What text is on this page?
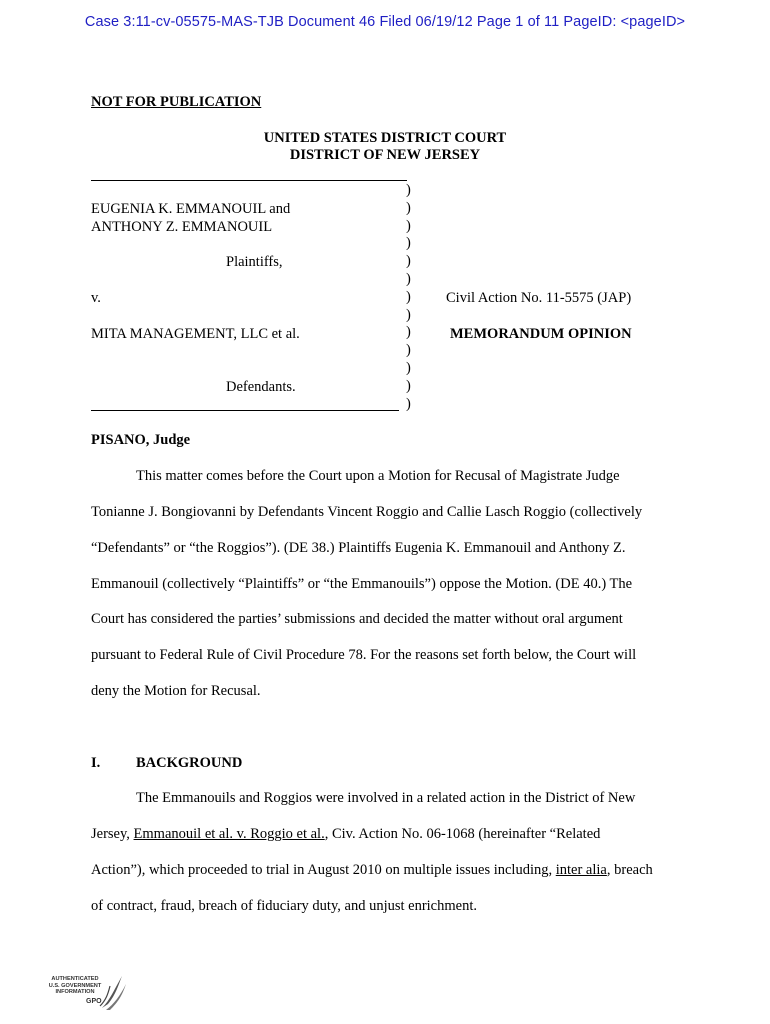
Case 3:11-cv-05575-MAS-TJB Document 46 Filed 06/19/12 Page 1 of 11 PageID: <pageID>
NOT FOR PUBLICATION
UNITED STATES DISTRICT COURT
DISTRICT OF NEW JERSEY
)
)
)
)
)
)
)
)
)
)
)
)
)
EUGENIA K. EMMANOUIL and
ANTHONY Z. EMMANOUIL
Plaintiffs,
v.
MITA MANAGEMENT, LLC et al.
Defendants.
Civil Action No. 11-5575 (JAP)
MEMORANDUM OPINION
PISANO, Judge
This matter comes before the Court upon a Motion for Recusal of Magistrate Judge
Tonianne J. Bongiovanni by Defendants Vincent Roggio and Callie Lasch Roggio (collectively
“Defendants” or “the Roggios”). (DE 38.) Plaintiffs Eugenia K. Emmanouil and Anthony Z.
Emmanouil (collectively “Plaintiffs” or “the Emmanouils”) oppose the Motion. (DE 40.) The
Court has considered the parties’ submissions and decided the matter without oral argument
pursuant to Federal Rule of Civil Procedure 78. For the reasons set forth below, the Court will
deny the Motion for Recusal.
I. BACKGROUND
The Emmanouils and Roggios were involved in a related action in the District of New
Jersey, Emmanouil et al. v. Roggio et al., Civ. Action No. 06-1068 (hereinafter “Related
Action”), which proceeded to trial in August 2010 on multiple issues including, inter alia, breach
of contract, fraud, breach of fiduciary duty, and unjust enrichment.
AUTHENTICATED
U.S. GOVERNMENT
INFORMATION
GPO
